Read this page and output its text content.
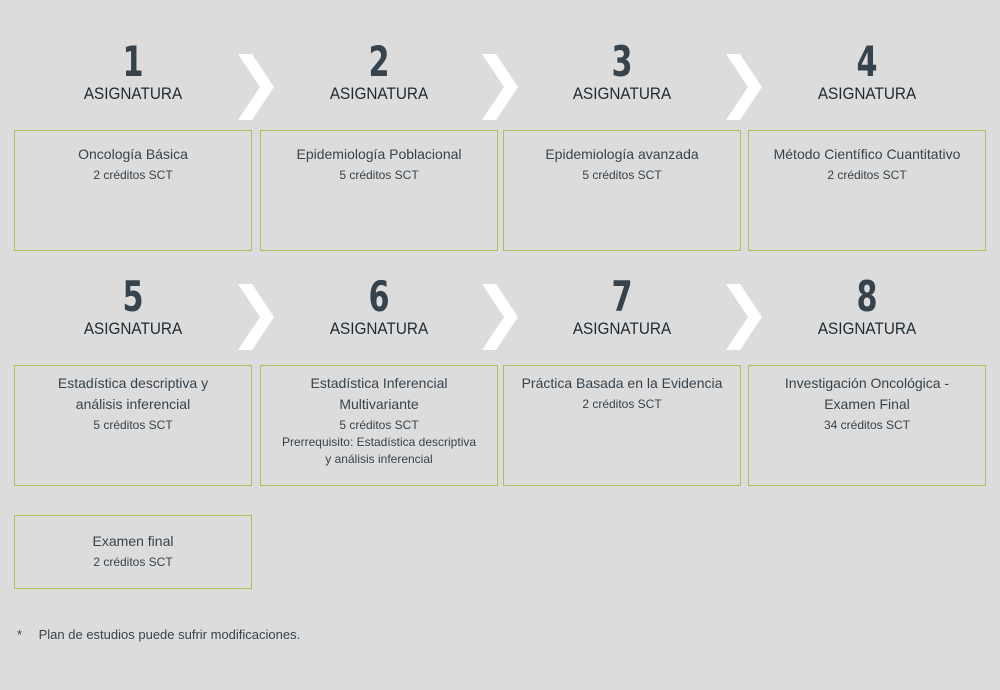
1
ASIGNATURA
2
ASIGNATURA
3
ASIGNATURA
4
ASIGNATURA
Oncología Básica
2 créditos SCT
Epidemiología Poblacional
5 créditos SCT
Epidemiología avanzada
5 créditos SCT
Método Científico Cuantitativo
2 créditos SCT
5
ASIGNATURA
6
ASIGNATURA
7
ASIGNATURA
8
ASIGNATURA
Estadística descriptiva y análisis inferencial
5 créditos SCT
Estadística Inferencial Multivariante
5 créditos SCT
Prerrequisito: Estadística descriptiva
y análisis inferencial
Práctica Basada en la Evidencia
2 créditos SCT
Investigación Oncológica - Examen Final
34 créditos SCT
Examen final
2 créditos SCT
* Plan de estudios puede sufrir modificaciones.
